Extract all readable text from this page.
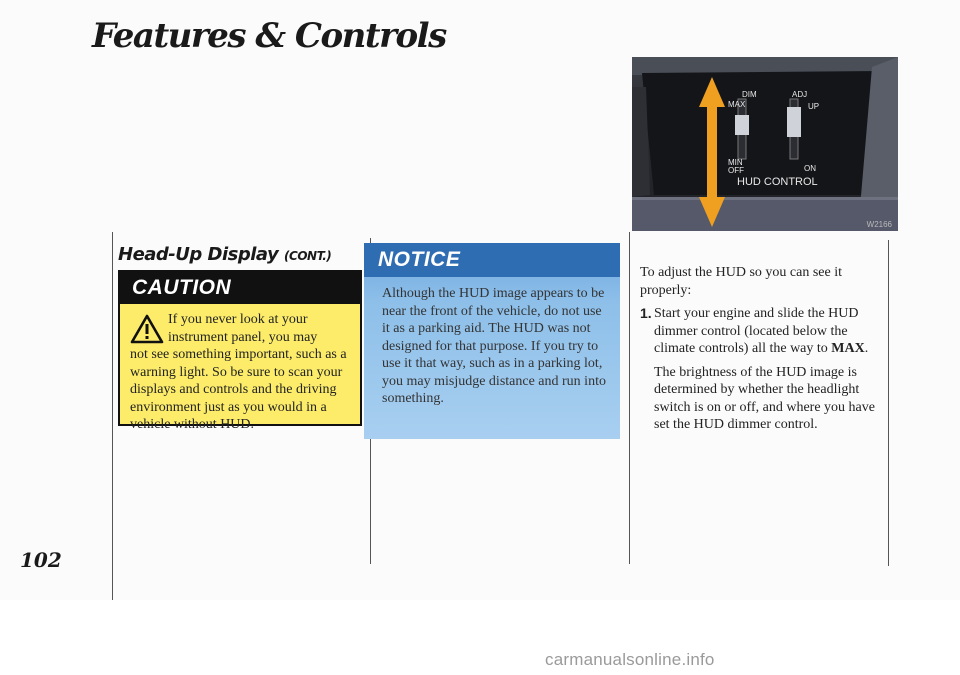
Features & Controls
102
Head-Up Display (CONT.)
CAUTION
If you never look at your
instrument panel, you may
not see something important, such as a warning light. So be sure to scan your displays and controls and the driving environment just as you would in a vehicle without HUD.
NOTICE
Although the HUD image appears to be near the front of the vehicle, do not use it as a parking aid. The HUD was not designed for that purpose. If you try to use it that way, such as in a parking lot, you may misjudge distance and run into something.

To adjust the HUD so you can see it properly:

1. Start your engine and slide the HUD dimmer control (located below the climate controls) all the way to MAX.
The brightness of the HUD image is determined by whether the headlight switch is on or off, and where you have set the HUD dimmer control.
DIM	ADJ
MAX	UP
MIN
OFF	ON
HUD CONTROL
W2166
carmanualsonline.info
